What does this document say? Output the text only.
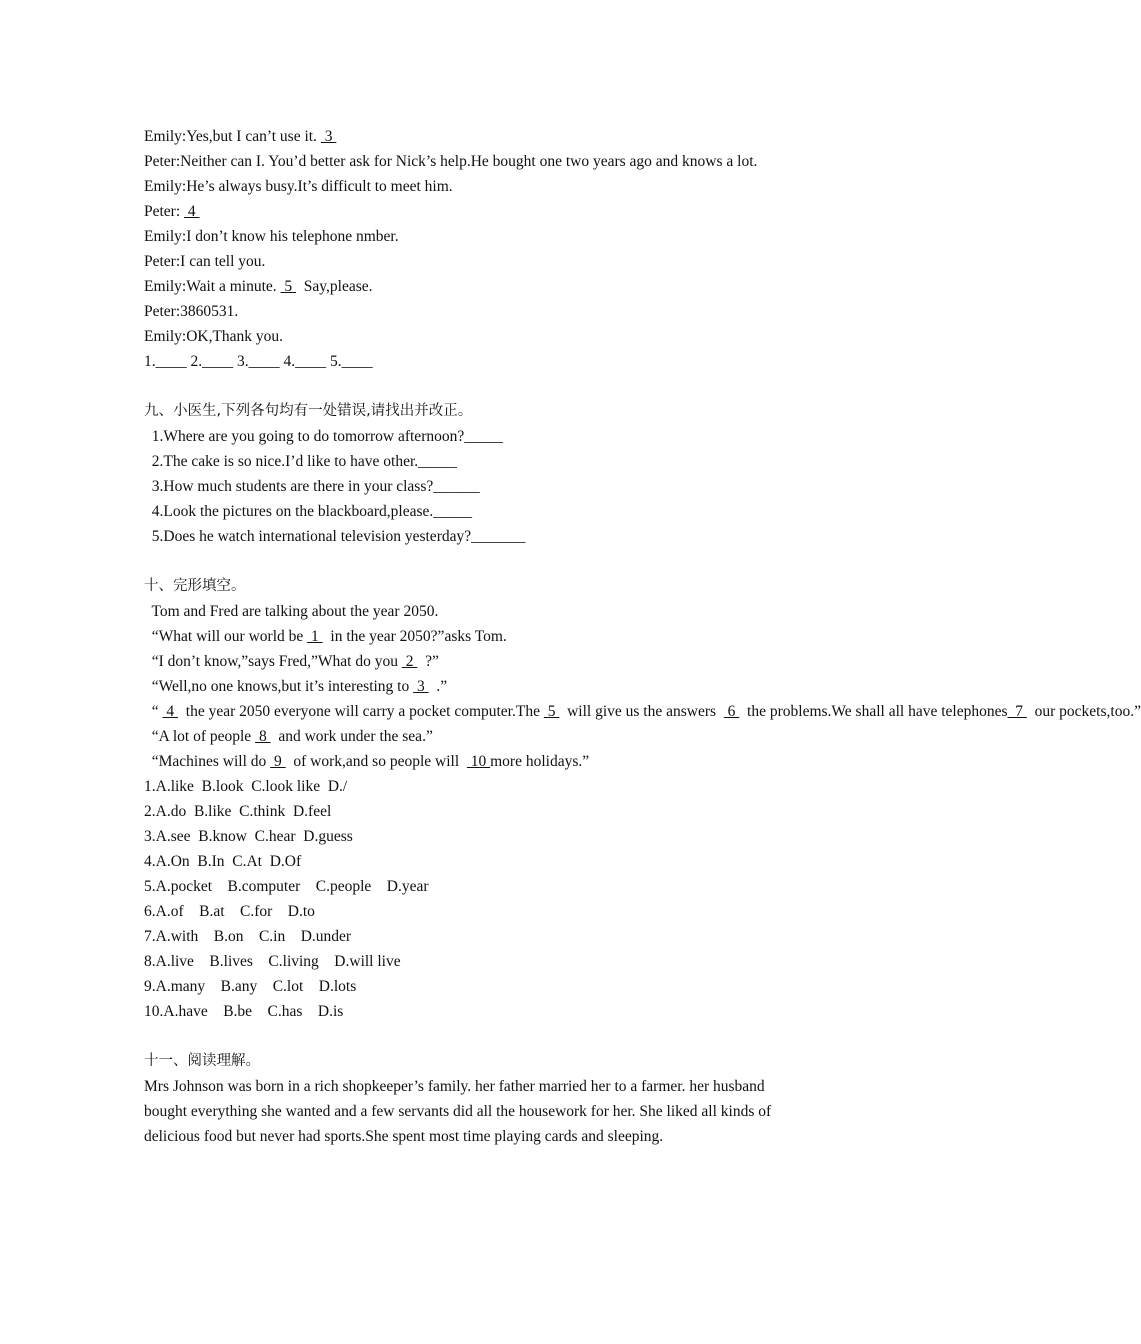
Emily:Yes,but I can’t use it.  3
Peter:Neither can I. You’d better ask for Nick’s help.He bought one two years ago and knows a lot.
Emily:He’s always busy.It’s difficult to meet him.
Peter:  4
Emily:I don’t know his telephone nmber.
Peter:I can tell you.
Emily:Wait a minute.  5   Say,please.
Peter:3860531.
Emily:OK,Thank you.
1.____ 2.____ 3.____ 4.____ 5.____
九、小医生,下列各句均有一处错误,请找出并改正。
1.Where are you going to do tomorrow afternoon?_____
2.The cake is so nice.I’d like to have other._____
3.How much students are there in your class?______
4.Look the pictures on the blackboard,please._____
5.Does he watch international television yesterday?_______
十、完形填空。
Tom and Fred are talking about the year 2050.
“What will our world be  1   in the year 2050?”asks Tom.
“I don’t know,”says Fred,”What do you  2   ?”
“Well,no one knows,but it’s interesting to  3   .”
“  4   the year 2050 everyone will carry a pocket computer.The  5   will give us the answers   6   the problems.We shall all have telephones  7   our pockets,too.”
“A lot of people  8   and work under the sea.”
“Machines will do  9   of work,and so people will   10 more holidays.”
1.A.like  B.look  C.look like  D./
2.A.do  B.like  C.think  D.feel
3.A.see  B.know  C.hear  D.guess
4.A.On  B.In  C.At  D.Of
5.A.pocket    B.computer    C.people    D.year
6.A.of    B.at    C.for    D.to
7.A.with    B.on    C.in    D.under
8.A.live    B.lives    C.living    D.will live
9.A.many    B.any    C.lot    D.lots
10.A.have    B.be    C.has    D.is
十一、阅读理解。
Mrs Johnson was born in a rich shopkeeper’s family. her father married her to a farmer. her husband bought everything she wanted and a few servants did all the housework for her. She liked all kinds of delicious food but never had sports.She spent most time playing cards and sleeping.
